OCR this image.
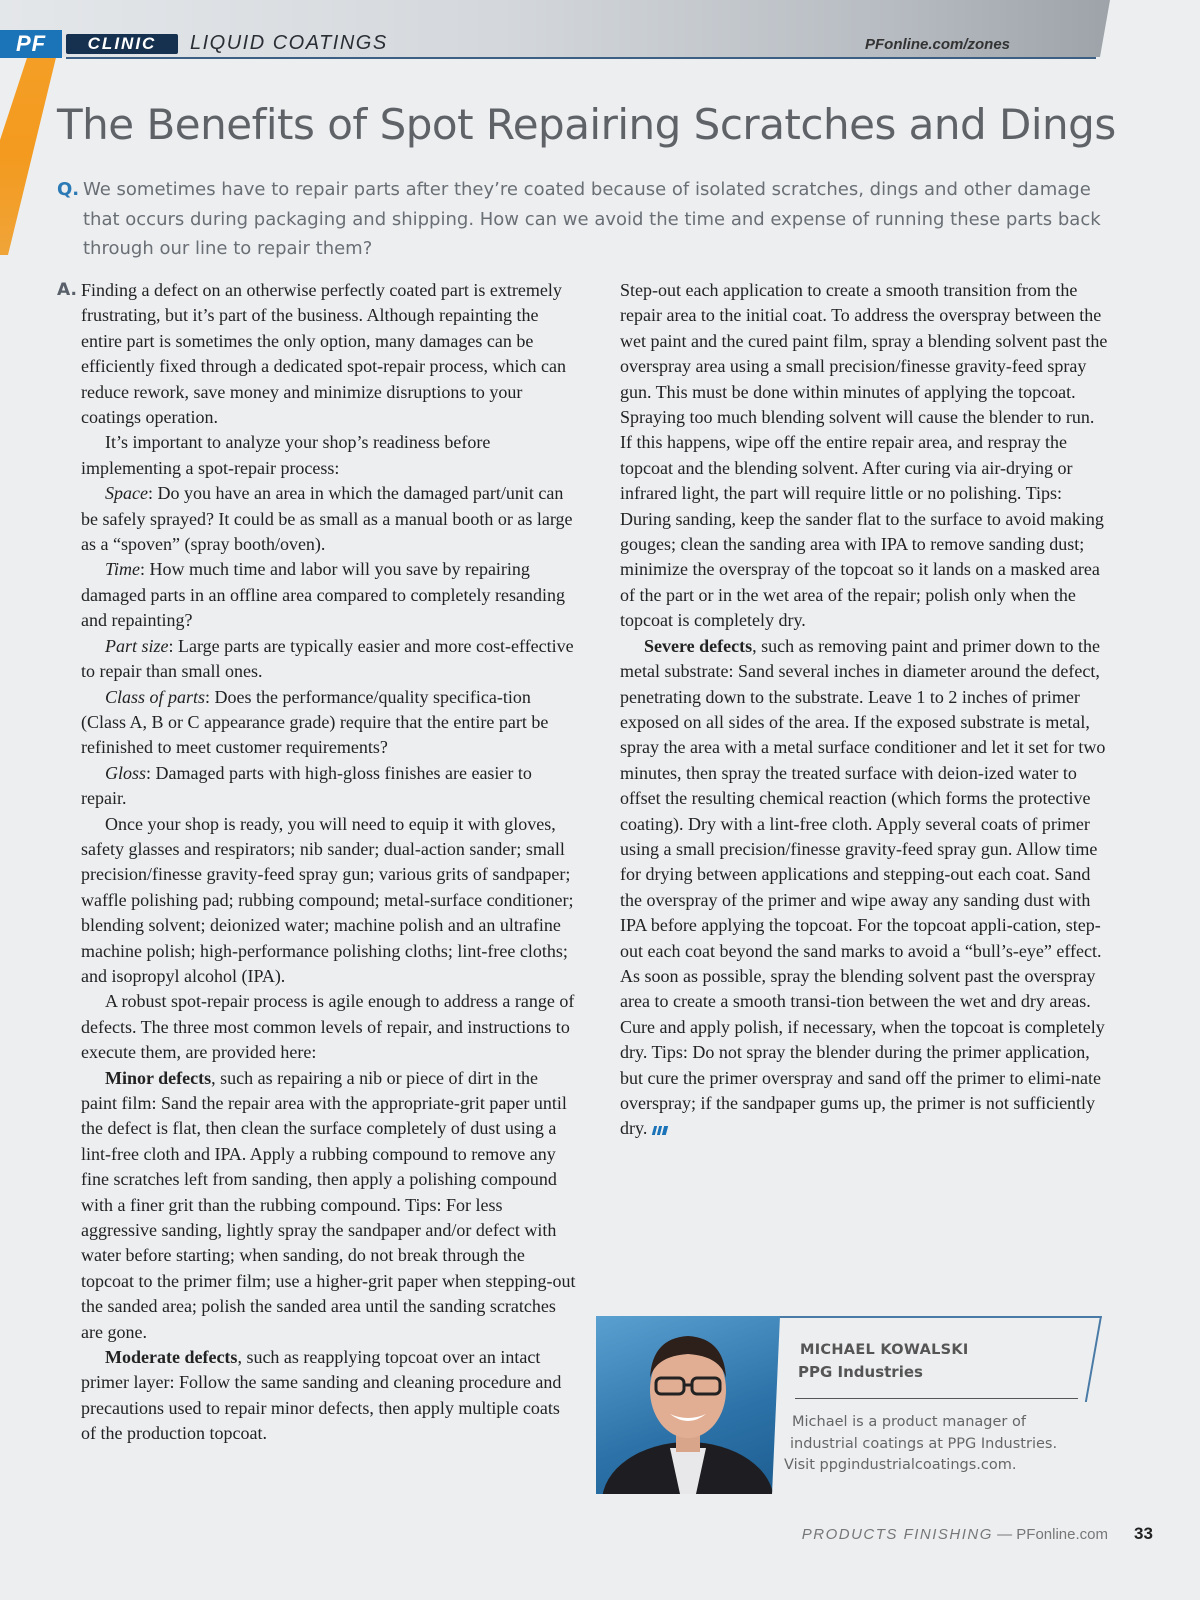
PF	CLINIC	LIQUID COATINGS	PFonline.com/zones
The Benefits of Spot Repairing Scratches and Dings
Q. We sometimes have to repair parts after they’re coated because of isolated scratches, dings and other damage that occurs during packaging and shipping. How can we avoid the time and expense of running these parts back through our line to repair them?
A. Finding a defect on an otherwise perfectly coated part is extremely frustrating, but it’s part of the business. Although repainting the entire part is sometimes the only option, many damages can be efficiently fixed through a dedicated spot-repair process, which can reduce rework, save money and minimize disruptions to your coatings operation.

It’s important to analyze your shop’s readiness before implementing a spot-repair process:

Space: Do you have an area in which the damaged part/unit can be safely sprayed? It could be as small as a manual booth or as large as a “spoven” (spray booth/oven).

Time: How much time and labor will you save by repairing damaged parts in an offline area compared to completely resanding and repainting?

Part size: Large parts are typically easier and more cost-effective to repair than small ones.

Class of parts: Does the performance/quality specifica-tion (Class A, B or C appearance grade) require that the entire part be refinished to meet customer requirements?

Gloss: Damaged parts with high-gloss finishes are easier to repair.

Once your shop is ready, you will need to equip it with gloves, safety glasses and respirators; nib sander; dual-action sander; small precision/finesse gravity-feed spray gun; various grits of sandpaper; waffle polishing pad; rubbing compound; metal-surface conditioner; blending solvent; deionized water; machine polish and an ultrafine machine polish; high-performance polishing cloths; lint-free cloths; and isopropyl alcohol (IPA).

A robust spot-repair process is agile enough to address a range of defects. The three most common levels of repair, and instructions to execute them, are provided here:

Minor defects, such as repairing a nib or piece of dirt in the paint film: Sand the repair area with the appropriate-grit paper until the defect is flat, then clean the surface completely of dust using a lint-free cloth and IPA. Apply a rubbing compound to remove any fine scratches left from sanding, then apply a polishing compound with a finer grit than the rubbing compound. Tips: For less aggressive sanding, lightly spray the sandpaper and/or defect with water before starting; when sanding, do not break through the topcoat to the primer film; use a higher-grit paper when stepping-out the sanded area; polish the sanded area until the sanding scratches are gone.

Moderate defects, such as reapplying topcoat over an intact primer layer: Follow the same sanding and cleaning procedure and precautions used to repair minor defects, then apply multiple coats of the production topcoat.

Step-out each application to create a smooth transition from the repair area to the initial coat. To address the overspray between the wet paint and the cured paint film, spray a blending solvent past the overspray area using a small precision/finesse gravity-feed spray gun. This must be done within minutes of applying the topcoat. Spraying too much blending solvent will cause the blender to run. If this happens, wipe off the entire repair area, and respray the topcoat and the blending solvent. After curing via air-drying or infrared light, the part will require little or no polishing. Tips: During sanding, keep the sander flat to the surface to avoid making gouges; clean the sanding area with IPA to remove sanding dust; minimize the overspray of the topcoat so it lands on a masked area of the part or in the wet area of the repair; polish only when the topcoat is completely dry.

Severe defects, such as removing paint and primer down to the metal substrate: Sand several inches in diameter around the defect, penetrating down to the substrate. Leave 1 to 2 inches of primer exposed on all sides of the area. If the exposed substrate is metal, spray the area with a metal surface conditioner and let it set for two minutes, then spray the treated surface with deion-ized water to offset the resulting chemical reaction (which forms the protective coating). Dry with a lint-free cloth. Apply several coats of primer using a small precision/finesse gravity-feed spray gun. Allow time for drying between applications and stepping-out each coat. Sand the overspray of the primer and wipe away any sanding dust with IPA before applying the topcoat. For the topcoat appli-cation, step-out each coat beyond the sand marks to avoid a “bull’s-eye” effect. As soon as possible, spray the blending solvent past the overspray area to create a smooth transi-tion between the wet and dry areas. Cure and apply polish, if necessary, when the topcoat is completely dry. Tips: Do not spray the blender during the primer application, but cure the primer overspray and sand off the primer to elimi-nate overspray; if the sandpaper gums up, the primer is not sufficiently dry.

MICHAEL KOWALSKI
PPG Industries
Michael is a product manager of
industrial coatings at PPG Industries.
Visit ppgindustrialcoatings.com.
PRODUCTS FINISHING — PFonline.com 33
